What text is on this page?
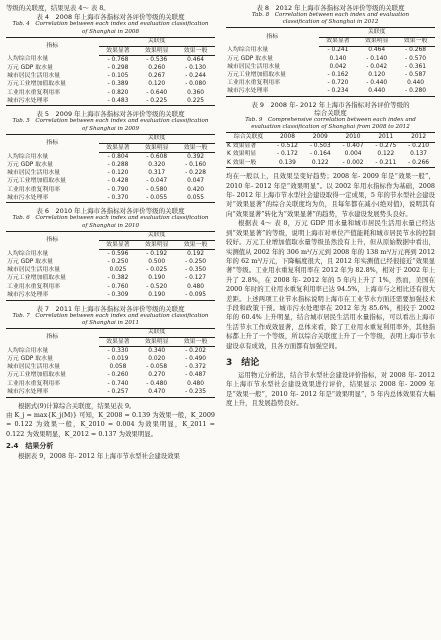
等级的关联度，结果见表 4～ 表 8。

表 4　2008 年上海市各指标对各评价等级的关联度

Tab. 4　Correlation between each index and evaluation classification

of Shanghai in 2008

指标	关联度		
	效果显著	效果明显	效果一般
人均综合用水量	- 0.768	- 0.536	0.464
万元 GDP 取水量	- 0.298	0.260	- 0.130
城市居民生活用水量	- 0.105	0.267	- 0.244
万元工业增加值取水量	- 0.389	0.120	- 0.080
工业用水重复利用率	- 0.820	- 0.640	0.360
城市污水处理率	- 0.483	- 0.225	0.225

表 5　2009 年上海市各指标对各评价等级的关联度

Tab. 5　Correlation between each index and evaluation classification

of Shanghai in 2009

指标	关联度		
	效果显著	效果明显	效果一般
人均综合用水量	- 0.804	- 0.608	0.392
万元 GDP 取水量	- 0.288	0.320	- 0.160
城市居民生活用水量	- 0.120	0.317	- 0.228
万元工业增加值取水量	- 0.428	- 0.047	0.047
工业用水重复利用率	- 0.790	- 0.580	0.420
城市污水处理率	- 0.370	- 0.055	0.055

表 6　2010 年上海市各指标对各评价等级的关联度

Tab. 6　Correlation between each index and evaluation classification

of Shanghai in 2010

指标	关联度		
	效果显著	效果明显	效果一般
人均综合用水量	- 0.596	- 0.192	0.192
万元 GDP 取水量	- 0.250	0.500	- 0.250
城市居民生活用水量	0.025	- 0.025	- 0.350
万元工业增加值取水量	- 0.382	0.190	- 0.127
工业用水重复利用率	- 0.760	- 0.520	0.480
城市污水处理率	- 0.309	0.190	- 0.095

表 7　2011 年上海市各指标对各评价等级的关联度

Tab. 7　Correlation between each index and evaluation classification

of Shanghai in 2011

指标	关联度		
	效果显著	效果明显	效果一般
人均综合用水量	- 0.330	0.340	- 0.202
万元 GDP 取水量	- 0.019	0.020	- 0.490
城市居民生活用水量	0.058	- 0.058	- 0.372
万元工业增加值取水量	- 0.260	0.270	- 0.487
工业用水重复利用率	- 0.740	- 0.480	0.480
城市污水处理率	- 0.257	0.470	- 0.235

根据式(9)计算综合关联度，结果见表 9。

由 K_j = max{K_j(M)} 可知，K_2008 = 0.139 为效果一般，K_2009 = 0.122 为效果一般，K_2010 = 0.004 为效果明显，K_2011 = 0.122 为效果明显，K_2012 = 0.137 为效果明显。

2.4　结果分析

根据表 9，2008 年- 2012 年上海市节水型社会建设效果

表 8　2012 年上海市各指标对各评价等级的关联度

Tab. 8　Correlation between each index and evaluation

classification of Shanghai in 2012

指标	关联度		
	效果显著	效果明显	效果一般
人均综合用水量	- 0.241	0.464	- 0.268
万元 GDP 取水量	0.140	- 0.140	- 0.570
城市居民生活用水量	0.042	- 0.042	- 0.361
万元工业增加值取水量	- 0.162	0.120	- 0.587
工业用水重复利用率	- 0.720	- 0.440	0.440
城市污水处理率	- 0.234	0.440	- 0.280

表 9　2008 年- 2012 年上海市各指标对各评价等级的

综合关联度

Tab. 9　Comprehensive correlation between each index and

evaluation classification of Shanghai from 2008 to 2012

综合关联度	2008	2009	2010	2011	2012
K 效果显著	- 0.512	- 0.503	- 0.407	- 0.275	- 0.210
K 效果明显	- 0.172	- 0.164	0.004	0.122	0.137
K 效果一般	0.139	0.122	- 0.002	- 0.211	- 0.266

均在一般以上，且效果呈变好趋势；2008 年- 2009 年是“效果一般”，2010 年- 2012 年是“效果明显”。以 2002 年用水指标作为基础，2008 年- 2012 年上海市节水型社会建设取得一定成果，5 年的节水型社会建设对“效果显著”的综合关联度均为负，且每年都在减小(绝对值)，说明其有向“效果显著”转化为“效果显著”的趋势，节水建设发展势头良好。

根据表 4～ 表 8，万元 GDP 用水量和城市居民生活用水量已经达到“效果显著”的等级，说明上海市对单位产值能耗和城市居民节水的控制较好。万元工业增加值取水量等级虽然没有上升，但从原始数据中看出，实测值从 2002 年的 306 m³/万元到 2008 年的 138 m³/万元再到 2012 年的 62 m³/万元，下降幅度很大，且 2012 年实测值已经很接近“效果显著”等级。工业用水重复利用率在 2012 年为 82.8%，相对于 2002 年上升了 2.8%，在 2008 年- 2012 年的 5 年内上升了 1%，然而，美国在 2000 年时的工业用水重复利用率已达 94.5%，上海市与之相比还有很大差距。上述两项工业节水指标说明上海市在工业节水方面还需要加强技术手段和政策干预。城市污水处理率在 2012 年为 85.6%，相较于 2002 年的 60.4% 上升明显，结合城市居民生活用水量指标，可以看出上海市生活节水工作成效显著，总体来看，除了工业用水重复利用率外，其他指标都上升了一个等级，所以综合关联度上升了一个等级，表明上海市节水建设卓有成效，且各方面都有加强空间。

3　结论

运用物元分析法，结合节水型社会建设评价指标，对 2008 年- 2012 年上海市节水型社会建设效果进行评价，结果显示 2008 年- 2009 年是“效果一般”，2010 年- 2012 年是“效果明显”，5 年内总体效果有大幅度上升，且发展趋势良好。
